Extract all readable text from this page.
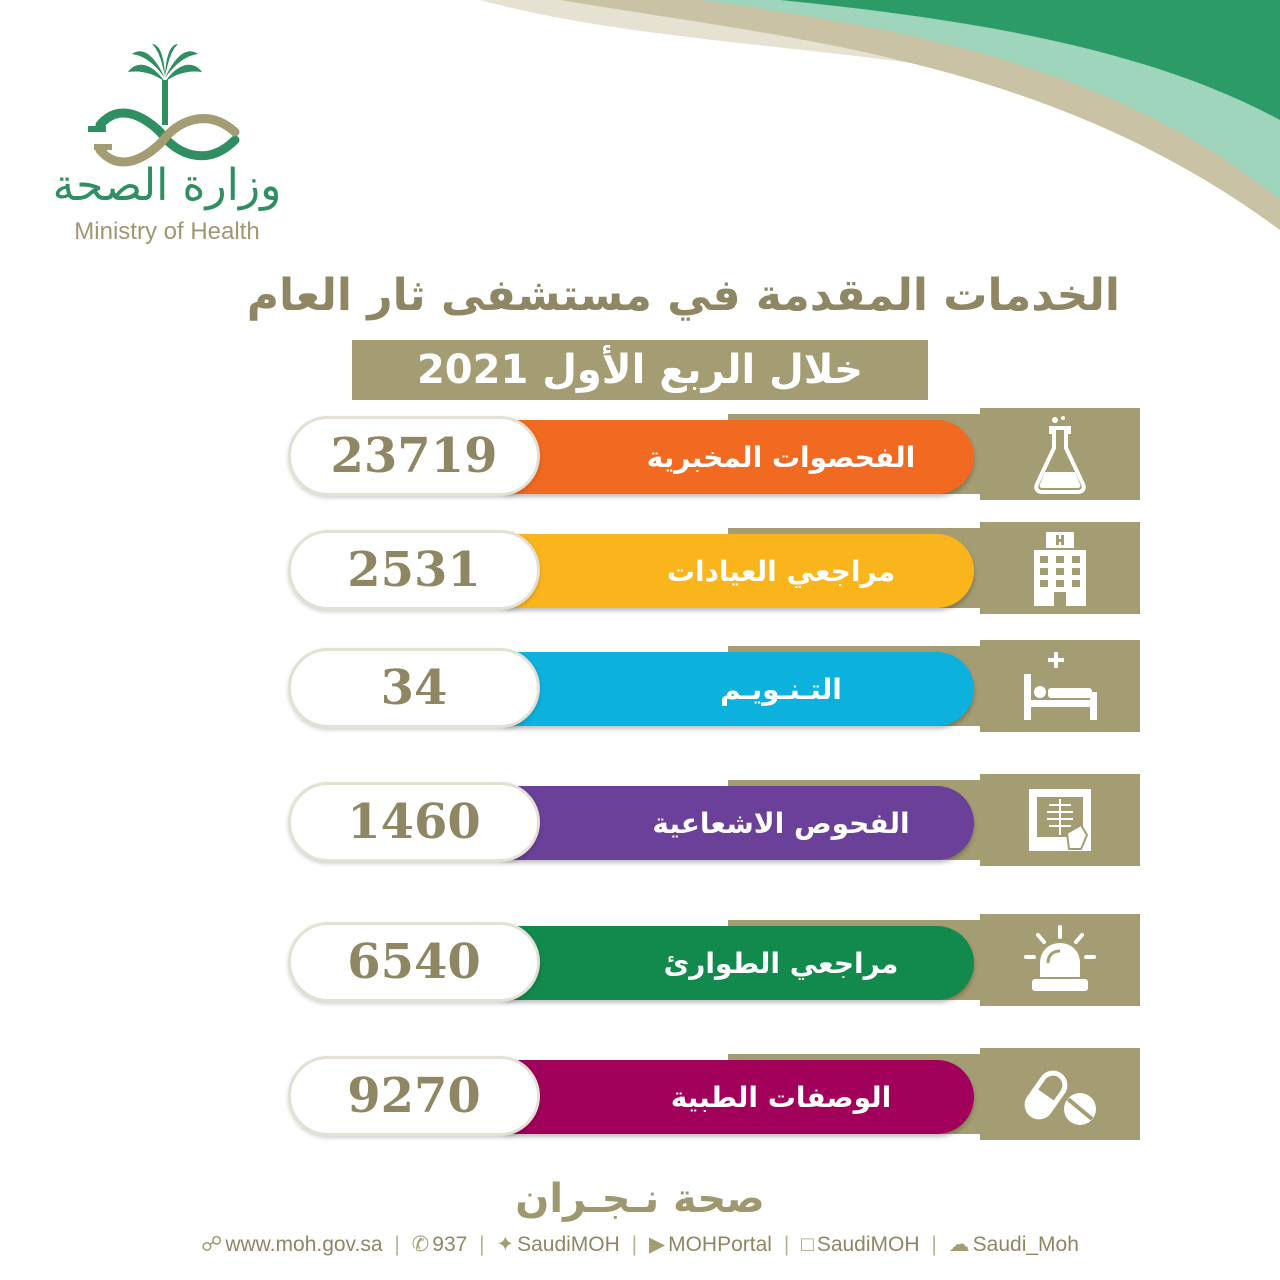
وزارة الصحة
Ministry of Health
الخدمات المقدمة في مستشفى ثار العام
خلال الربع الأول 2021
الفحصوات المخبرية
23719
مراجعي العيادات
2531
التـنـويـم
34
الفحوص الاشعاعية
1460
مراجعي الطوارئ
6540
الوصفات الطبية
9270
صحة نـجـران
☍ www.moh.gov.sa | ✆ 937 | ✦ SaudiMOH | ▶ MOHPortal | □ SaudiMOH | ☁ Saudi_Moh
